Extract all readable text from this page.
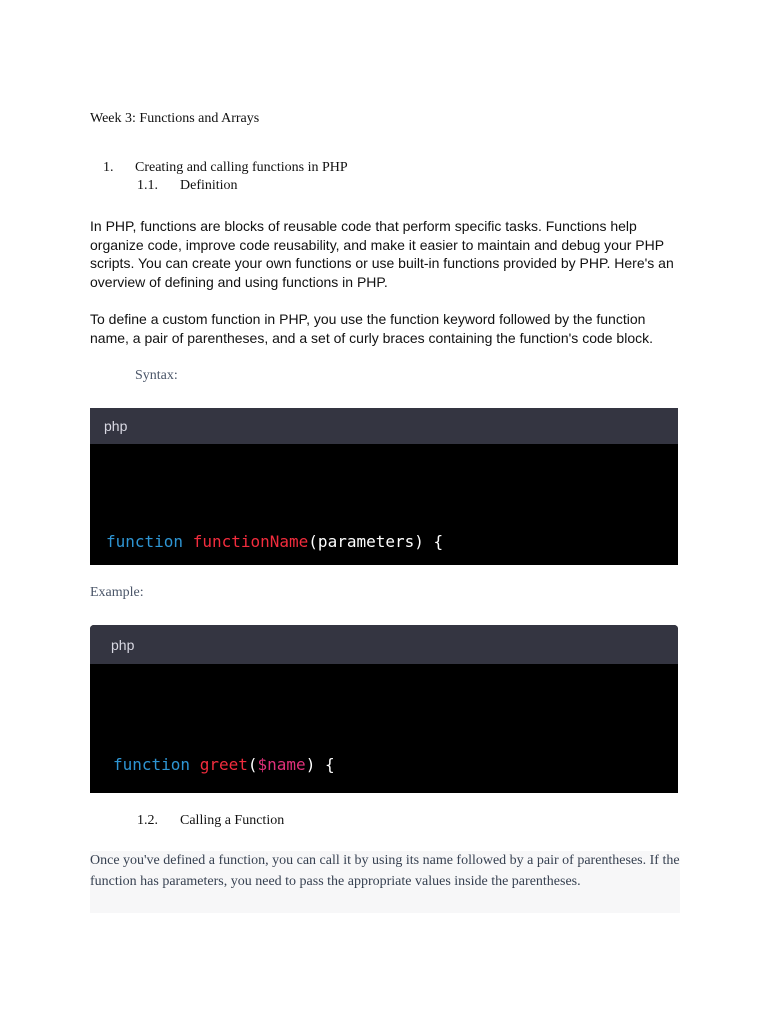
Week 3: Functions and Arrays
1. Creating and calling functions in PHP
1.1. Definition

In PHP, functions are blocks of reusable code that perform specific tasks. Functions help organize code, improve code reusability, and make it easier to maintain and debug your PHP scripts. You can create your own functions or use built-in functions provided by PHP. Here's an overview of defining and using functions in PHP.

To define a custom function in PHP, you use the function keyword followed by the function name, a pair of parentheses, and a set of curly braces containing the function's code block.

Syntax:
php

function functionName(parameters) {

Example:
php

function greet($name) {

1.2. Calling a Function

Once you've defined a function, you can call it by using its name followed by a pair of parentheses. If the function has parameters, you need to pass the appropriate values inside the parentheses.
